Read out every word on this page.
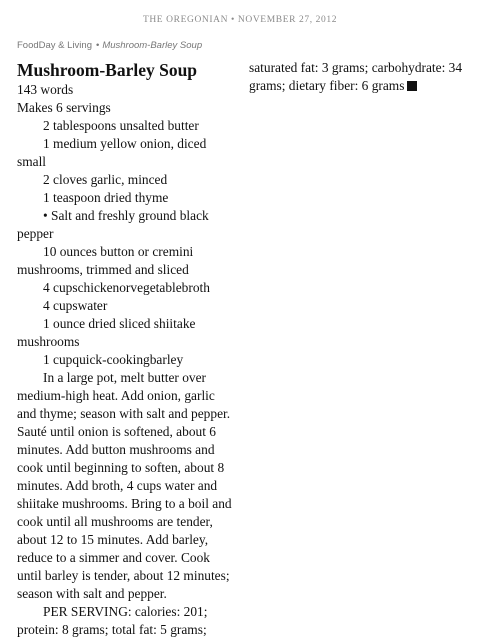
THE OREGONIAN • NOVEMBER 27, 2012
FoodDay & Living • Mushroom-Barley Soup
Mushroom-Barley Soup

143 words

Makes 6 servings

2 tablespoons unsalted butter

1 medium yellow onion, diced small

2 cloves garlic, minced

1 teaspoon dried thyme

• Salt and freshly ground black pepper

10 ounces button or cremini mushrooms, trimmed and sliced

4 cupschickenorvegetablebroth

4 cupswater

1 ounce dried sliced shiitake mushrooms

1 cupquick-cookingbarley

In a large pot, melt butter over medium-high heat. Add onion, garlic and thyme; season with salt and pepper. Sauté until onion is softened, about 6 minutes. Add button mushrooms and cook until beginning to soften, about 8 minutes. Add broth, 4 cups water and shiitake mushrooms. Bring to a boil and cook until all mushrooms are tender, about 12 to 15 minutes. Add barley, reduce to a simmer and cover. Cook until barley is tender, about 12 minutes; season with salt and pepper.

PER SERVING: calories: 201; protein: 8 grams; total fat: 5 grams;

saturated fat: 3 grams; carbohydrate: 34 grams; dietary fiber: 6 grams
